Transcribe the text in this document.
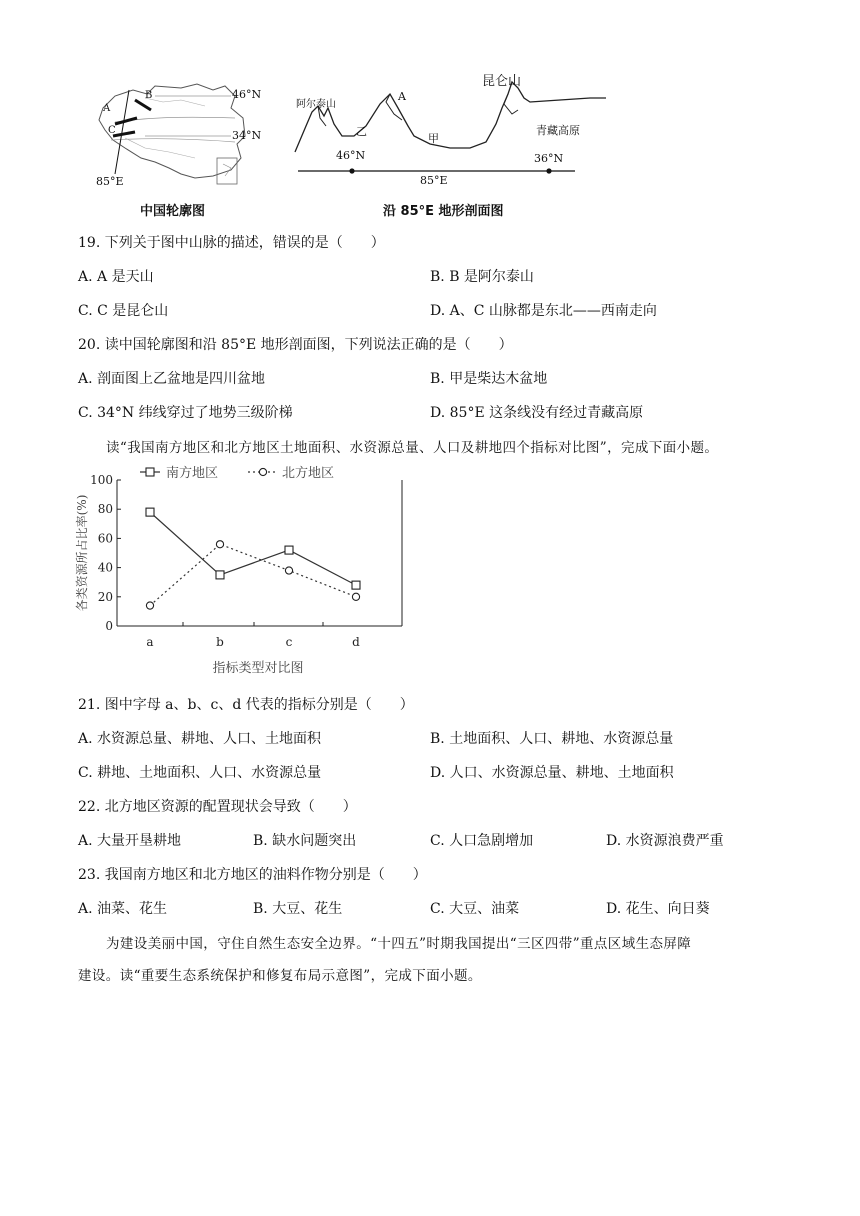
B
A
C
46°N
34°N
85°E
中国轮廓图
阿尔泰山
A
昆仑山
乙
甲
青藏高原
46°N	36°N
85°E
沿 85°E 地形剖面图
19. 下列关于图中山脉的描述，错误的是（　　）
A. A 是天山	B. B 是阿尔泰山
C. C 是昆仑山	D. A、C 山脉都是东北——西南走向
20. 读中国轮廓图和沿 85°E 地形剖面图，下列说法正确的是（　　）
A. 剖面图上乙盆地是四川盆地	B. 甲是柴达木盆地
C. 34°N 纬线穿过了地势三级阶梯	D. 85°E 这条线没有经过青藏高原
读“我国南方地区和北方地区土地面积、水资源总量、人口及耕地四个指标对比图”，完成下面小题。
0
20
40
60
80
100
a	b	c	d
各类资源所占比率(%)
指标类型对比图
南方地区	北方地区
21. 图中字母 a、b、c、d 代表的指标分别是（　　）
A. 水资源总量、耕地、人口、土地面积	B. 土地面积、人口、耕地、水资源总量
C. 耕地、土地面积、人口、水资源总量	D. 人口、水资源总量、耕地、土地面积
22. 北方地区资源的配置现状会导致（　　）
A. 大量开垦耕地	B. 缺水问题突出	C. 人口急剧增加	D. 水资源浪费严重
23. 我国南方地区和北方地区的油料作物分别是（　　）
A. 油菜、花生	B. 大豆、花生	C. 大豆、油菜	D. 花生、向日葵
为建设美丽中国，守住自然生态安全边界。“十四五”时期我国提出“三区四带”重点区域生态屏障
建设。读“重要生态系统保护和修复布局示意图”，完成下面小题。
